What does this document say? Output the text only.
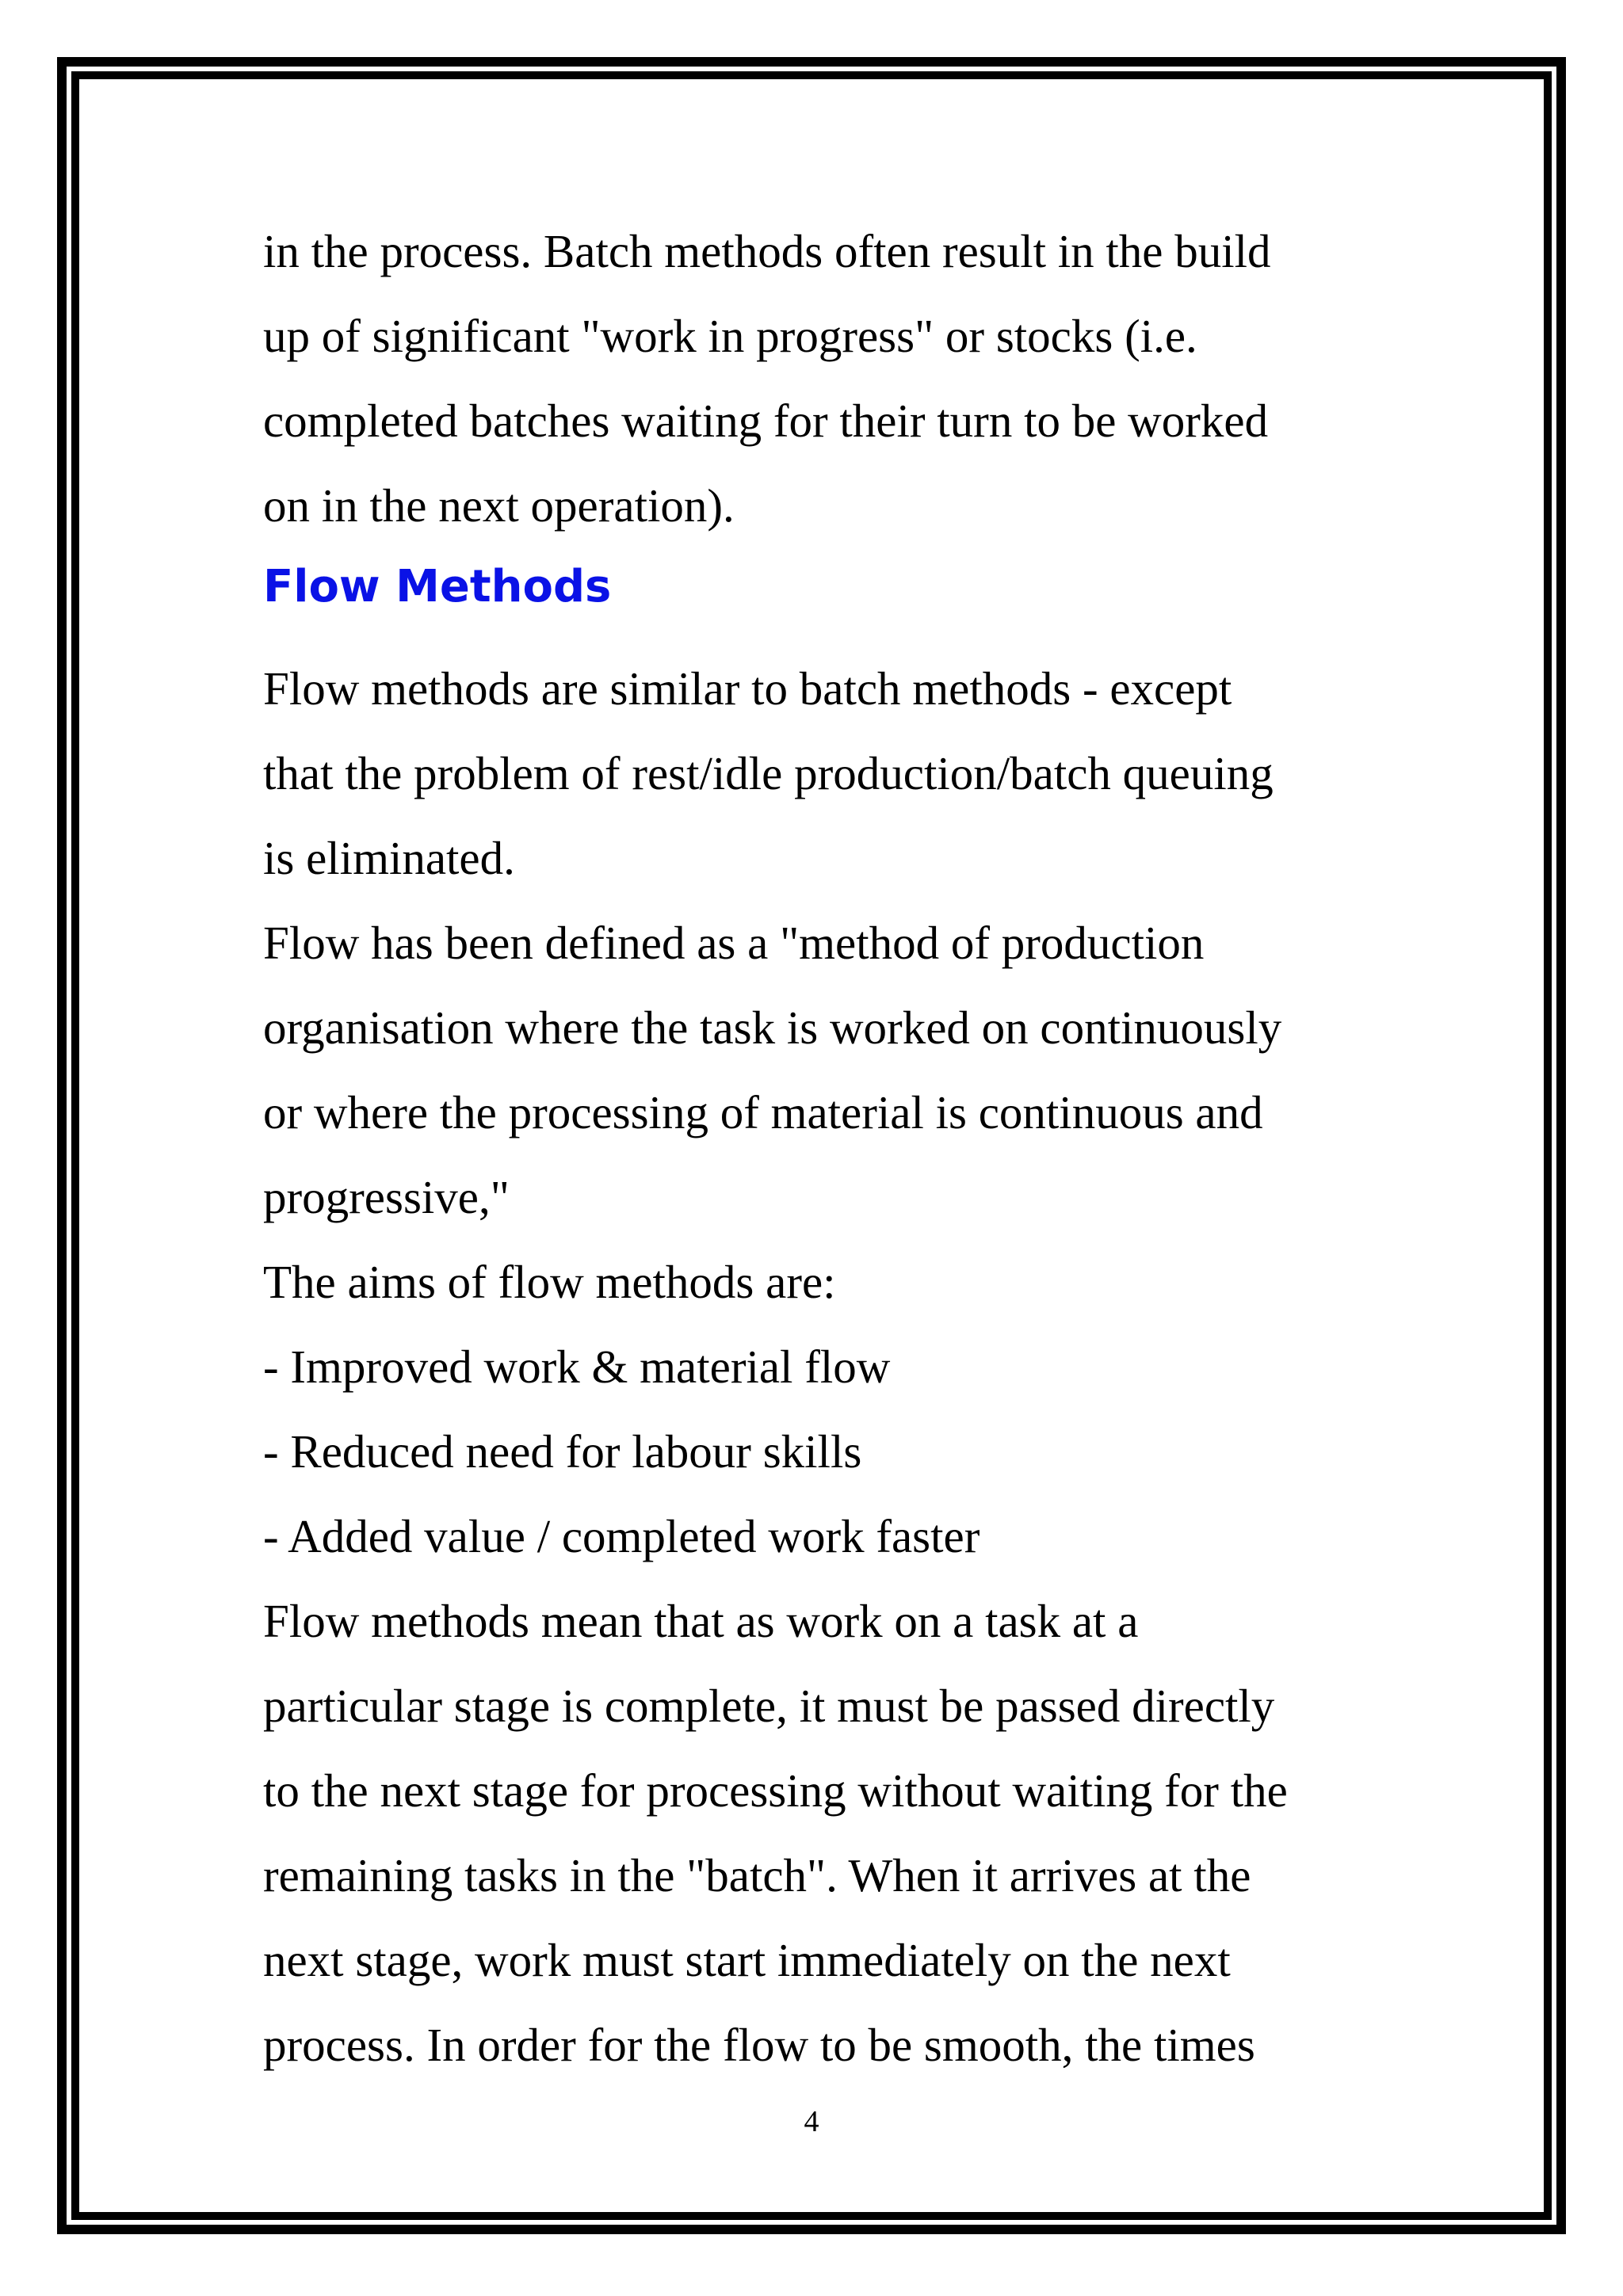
in the process. Batch methods often result in the build
up of significant "work in progress" or stocks (i.e.
completed batches waiting for their turn to be worked
on in the next operation).
Flow Methods
Flow methods are similar to batch methods - except
that the problem of rest/idle production/batch queuing
is eliminated.
Flow has been defined as a "method of production
organisation where the task is worked on continuously
or where the processing of material is continuous and
progressive,"
The aims of flow methods are:
- Improved work & material flow
- Reduced need for labour skills
- Added value / completed work faster
Flow methods mean that as work on a task at a
particular stage is complete, it must be passed directly
to the next stage for processing without waiting for the
remaining tasks in the "batch". When it arrives at the
next stage, work must start immediately on the next
process. In order for the flow to be smooth, the times
4
